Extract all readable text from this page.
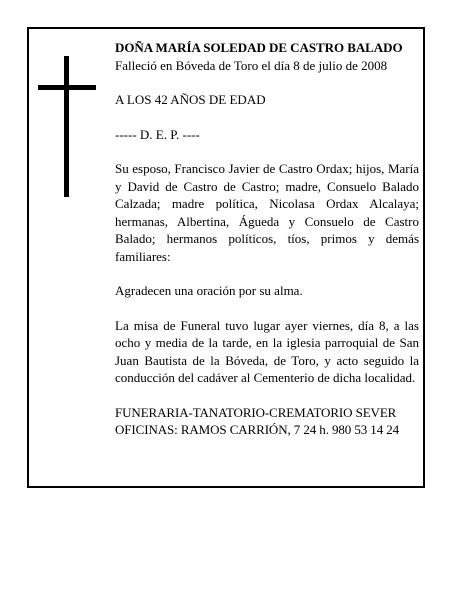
DOÑA MARÍA SOLEDAD DE CASTRO BALADO

Falleció en Bóveda de Toro el día 8 de julio de 2008

A LOS 42 AÑOS DE EDAD

----- D. E. P. ----

Su esposo, Francisco Javier de Castro Ordax; hijos, María y David de Castro de Castro; madre, Consuelo Balado Calzada; madre política, Nicolasa Ordax Alcalaya; hermanas, Albertina, Águeda y Consuelo de Castro Balado; hermanos políticos, tíos, primos y demás familiares:

Agradecen una oración por su alma.

La misa de Funeral tuvo lugar ayer viernes, día 8, a las ocho y media de la tarde, en la iglesia parroquial de San Juan Bautista de la Bóveda, de Toro, y acto seguido la conducción del cadáver al Cementerio de dicha localidad.

FUNERARIA-TANATORIO-CREMATORIO SEVER

OFICINAS: RAMOS CARRIÓN, 7 24 h. 980 53 14 24
